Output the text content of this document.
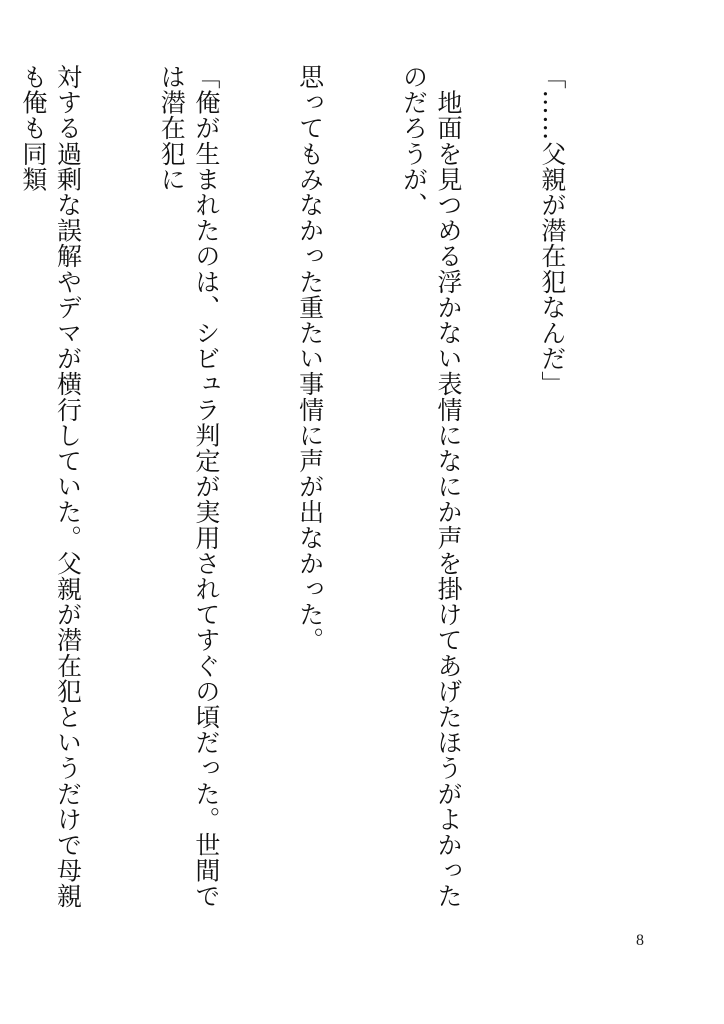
「……父親が潜在犯なんだ」

　地面を見つめる浮かない表情になにか声を掛けてあげたほうがよかったのだろうが、

思ってもみなかった重たい事情に声が出なかった。

「俺が生まれたのは、シビュラ判定が実用されてすぐの頃だった。世間では潜在犯に

対する過剰な誤解やデマが横行していた。父親が潜在犯というだけで母親も俺も同類

8
